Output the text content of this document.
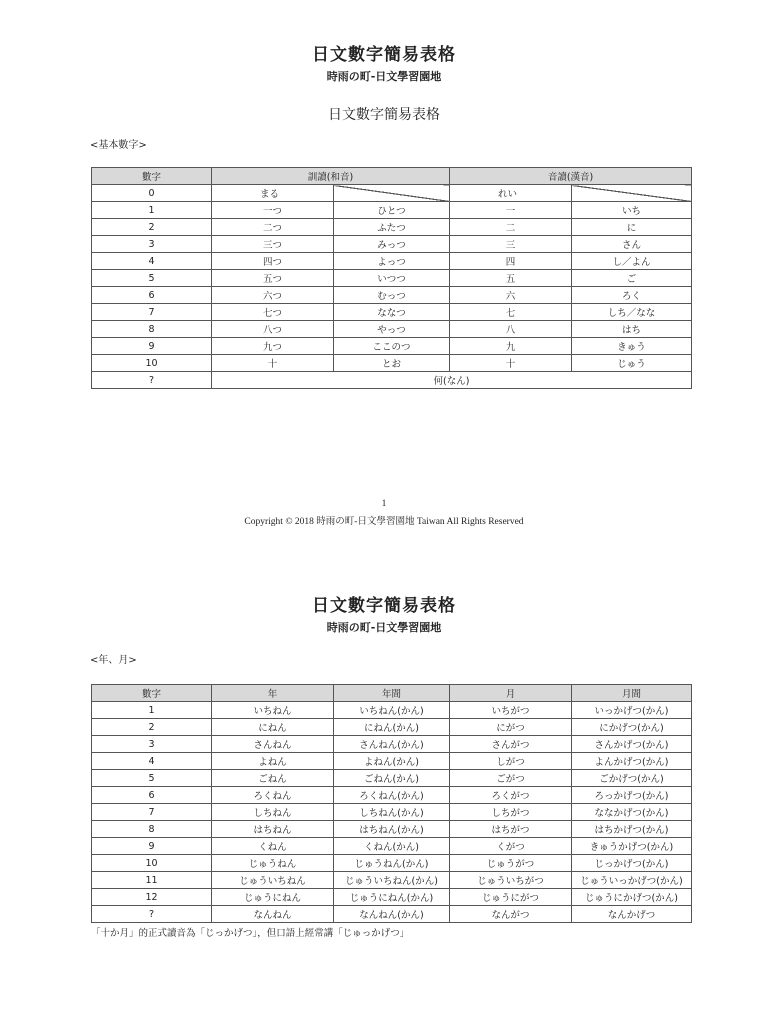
日文數字簡易表格
時雨の町-日文學習園地
日文數字簡易表格
<基本數字>
數字	訓讀(和音)		音讀(漢音)	
0	まる		れい	
1	一つ	ひとつ	一	いち
2	二つ	ふたつ	二	に
3	三つ	みっつ	三	さん
4	四つ	よっつ	四	し／よん
5	五つ	いつつ	五	ご
6	六つ	むっつ	六	ろく
7	七つ	ななつ	七	しち／なな
8	八つ	やっつ	八	はち
9	九つ	ここのつ	九	きゅう
10	十	とお	十	じゅう
?	何(なん)			
1
Copyright © 2018 時雨の町-日文學習園地 Taiwan All Rights Reserved
日文數字簡易表格
時雨の町-日文學習園地
<年、月>
數字	年	年間	月	月間
1	いちねん	いちねん(かん)	いちがつ	いっかげつ(かん)
2	にねん	にねん(かん)	にがつ	にかげつ(かん)
3	さんねん	さんねん(かん)	さんがつ	さんかげつ(かん)
4	よねん	よねん(かん)	しがつ	よんかげつ(かん)
5	ごねん	ごねん(かん)	ごがつ	ごかげつ(かん)
6	ろくねん	ろくねん(かん)	ろくがつ	ろっかげつ(かん)
7	しちねん	しちねん(かん)	しちがつ	ななかげつ(かん)
8	はちねん	はちねん(かん)	はちがつ	はちかげつ(かん)
9	くねん	くねん(かん)	くがつ	きゅうかげつ(かん)
10	じゅうねん	じゅうねん(かん)	じゅうがつ	じっかげつ(かん)
11	じゅういちねん	じゅういちねん(かん)	じゅういちがつ	じゅういっかげつ(かん)
12	じゅうにねん	じゅうにねん(かん)	じゅうにがつ	じゅうにかげつ(かん)
?	なんねん	なんねん(かん)	なんがつ	なんかげつ
「十か月」的正式讀音為「じっかげつ」，但口語上經常講「じゅっかげつ」
